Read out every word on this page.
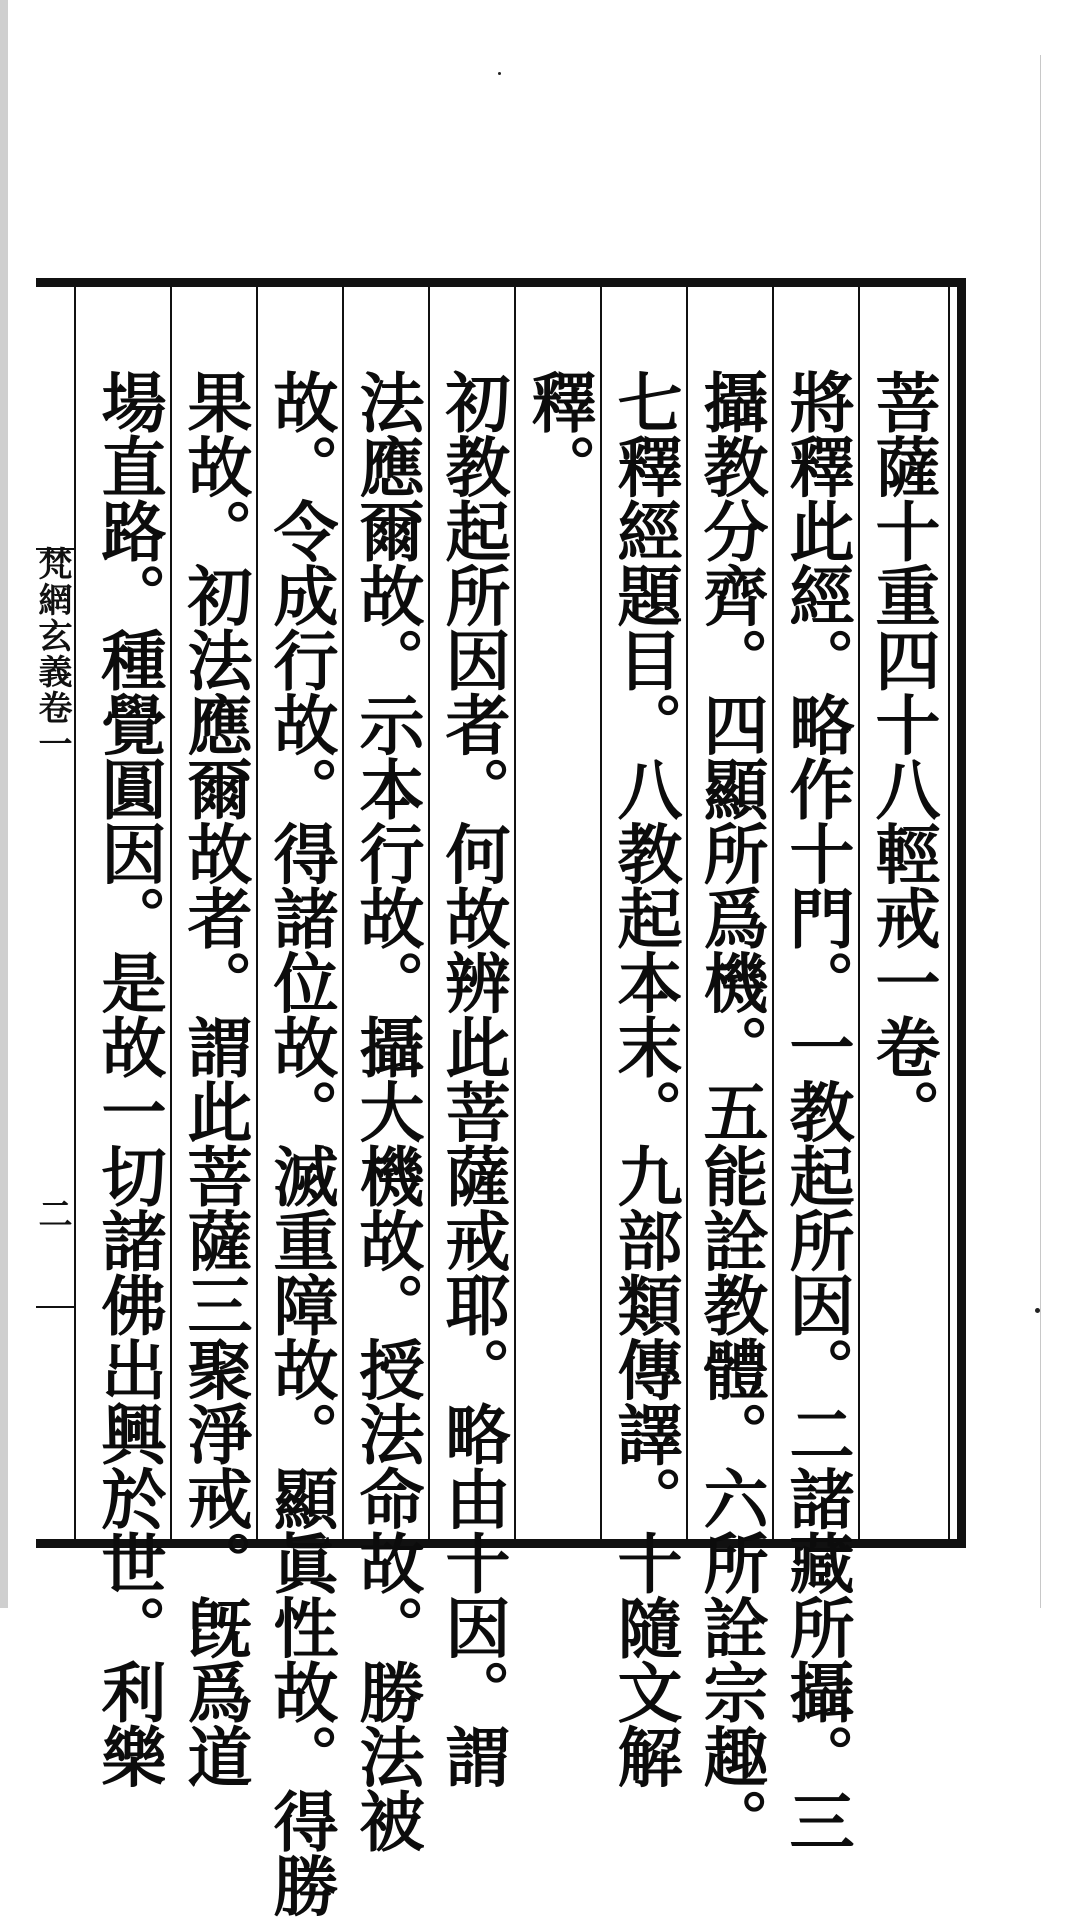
菩薩十重四十八輕戒一卷。
將釋此經。略作十門。一教起所因。二諸藏所攝。三
攝教分齊。四顯所爲機。五能詮教體。六所詮宗趣。
七釋經題目。八教起本末。九部類傳譯。十隨文解
釋。
初教起所因者。何故辨此菩薩戒耶。略由十因。謂
法應爾故。示本行故。攝大機故。授法命故。勝法被
故。令成行故。得諸位故。滅重障故。顯眞性故。得勝
果故。初法應爾故者。謂此菩薩三聚淨戒。旣爲道
場直路。種覺圓因。是故一切諸佛出興於世。利樂
梵網玄義卷一
二
